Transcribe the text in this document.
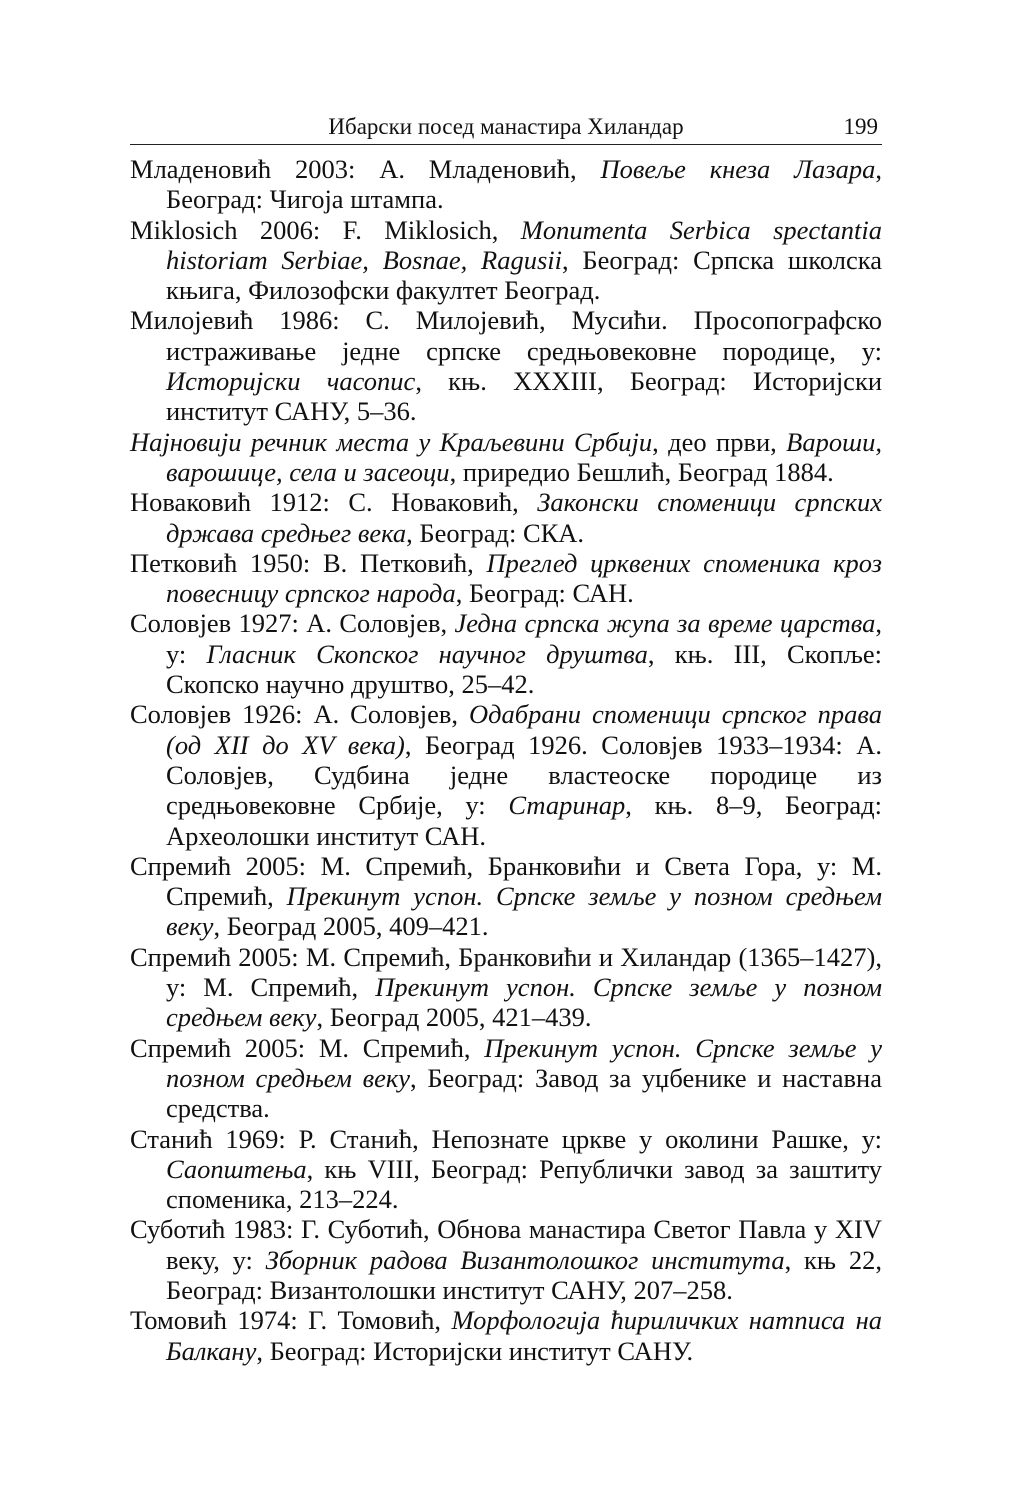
Ибарски посед манастира Хиландар	199
Младеновић 2003: А. Младеновић, Повеље кнеза Лазара, Београд: Чигоја штампа.
Miklosich 2006: F. Miklosich, Monumenta Serbica spectantia historiam Serbiae, Bosnae, Ragusii, Београд: Српска школска књига, Филозофски факултет Београд.
Милојевић 1986: С. Милојевић, Мусићи. Просопографско истраживање једне српске средњовековне породице, у: Историјски часопис, књ. XXXIII, Београд: Историјски институт САНУ, 5–36.
Најновији речник места у Краљевини Србији, део први, Вароши, варошице, села и засеоци, приредио Бешлић, Београд 1884.
Новаковић 1912: С. Новаковић, Законски споменици српских држава средњег века, Београд: СКА.
Петковић 1950: В. Петковић, Преглед црквених споменика кроз повесницу српског народа, Београд: САН.
Соловјев 1927: А. Соловјев, Једна српска жупа за време царства, у: Гласник Скопског научног друштва, књ. III, Скопље: Скопско научно друштво, 25–42.
Соловјев 1926: А. Соловјев, Одабрани споменици српског права (од XII до XV века), Београд 1926. Соловјев 1933–1934: А. Соловјев, Судбина једне властеоске породице из средњовековне Србије, у: Старинар, књ. 8–9, Београд: Археолошки институт САН.
Спремић 2005: М. Спремић, Бранковићи и Света Гора, у: М. Спремић, Прекинут успон. Српске земље у позном средњем веку, Београд 2005, 409–421.
Спремић 2005: М. Спремић, Бранковићи и Хиландар (1365–1427), у: М. Спремић, Прекинут успон. Српске земље у позном средњем веку, Београд 2005, 421–439.
Спремић 2005: М. Спремић, Прекинут успон. Српске земље у позном средњем веку, Београд: Завод за уџбенике и наставна средства.
Станић 1969: Р. Станић, Непознате цркве у околини Рашке, у: Саопштења, књ VIII, Београд: Републички завод за заштиту споменика, 213–224.
Суботић 1983: Г. Суботић, Обнова манастира Светог Павла у XIV веку, у: Зборник радова Византолошког института, књ 22, Београд: Византолошки институт САНУ, 207–258.
Томовић 1974: Г. Томовић, Морфологија ћириличких натписа на Балкану, Београд: Историјски институт САНУ.
